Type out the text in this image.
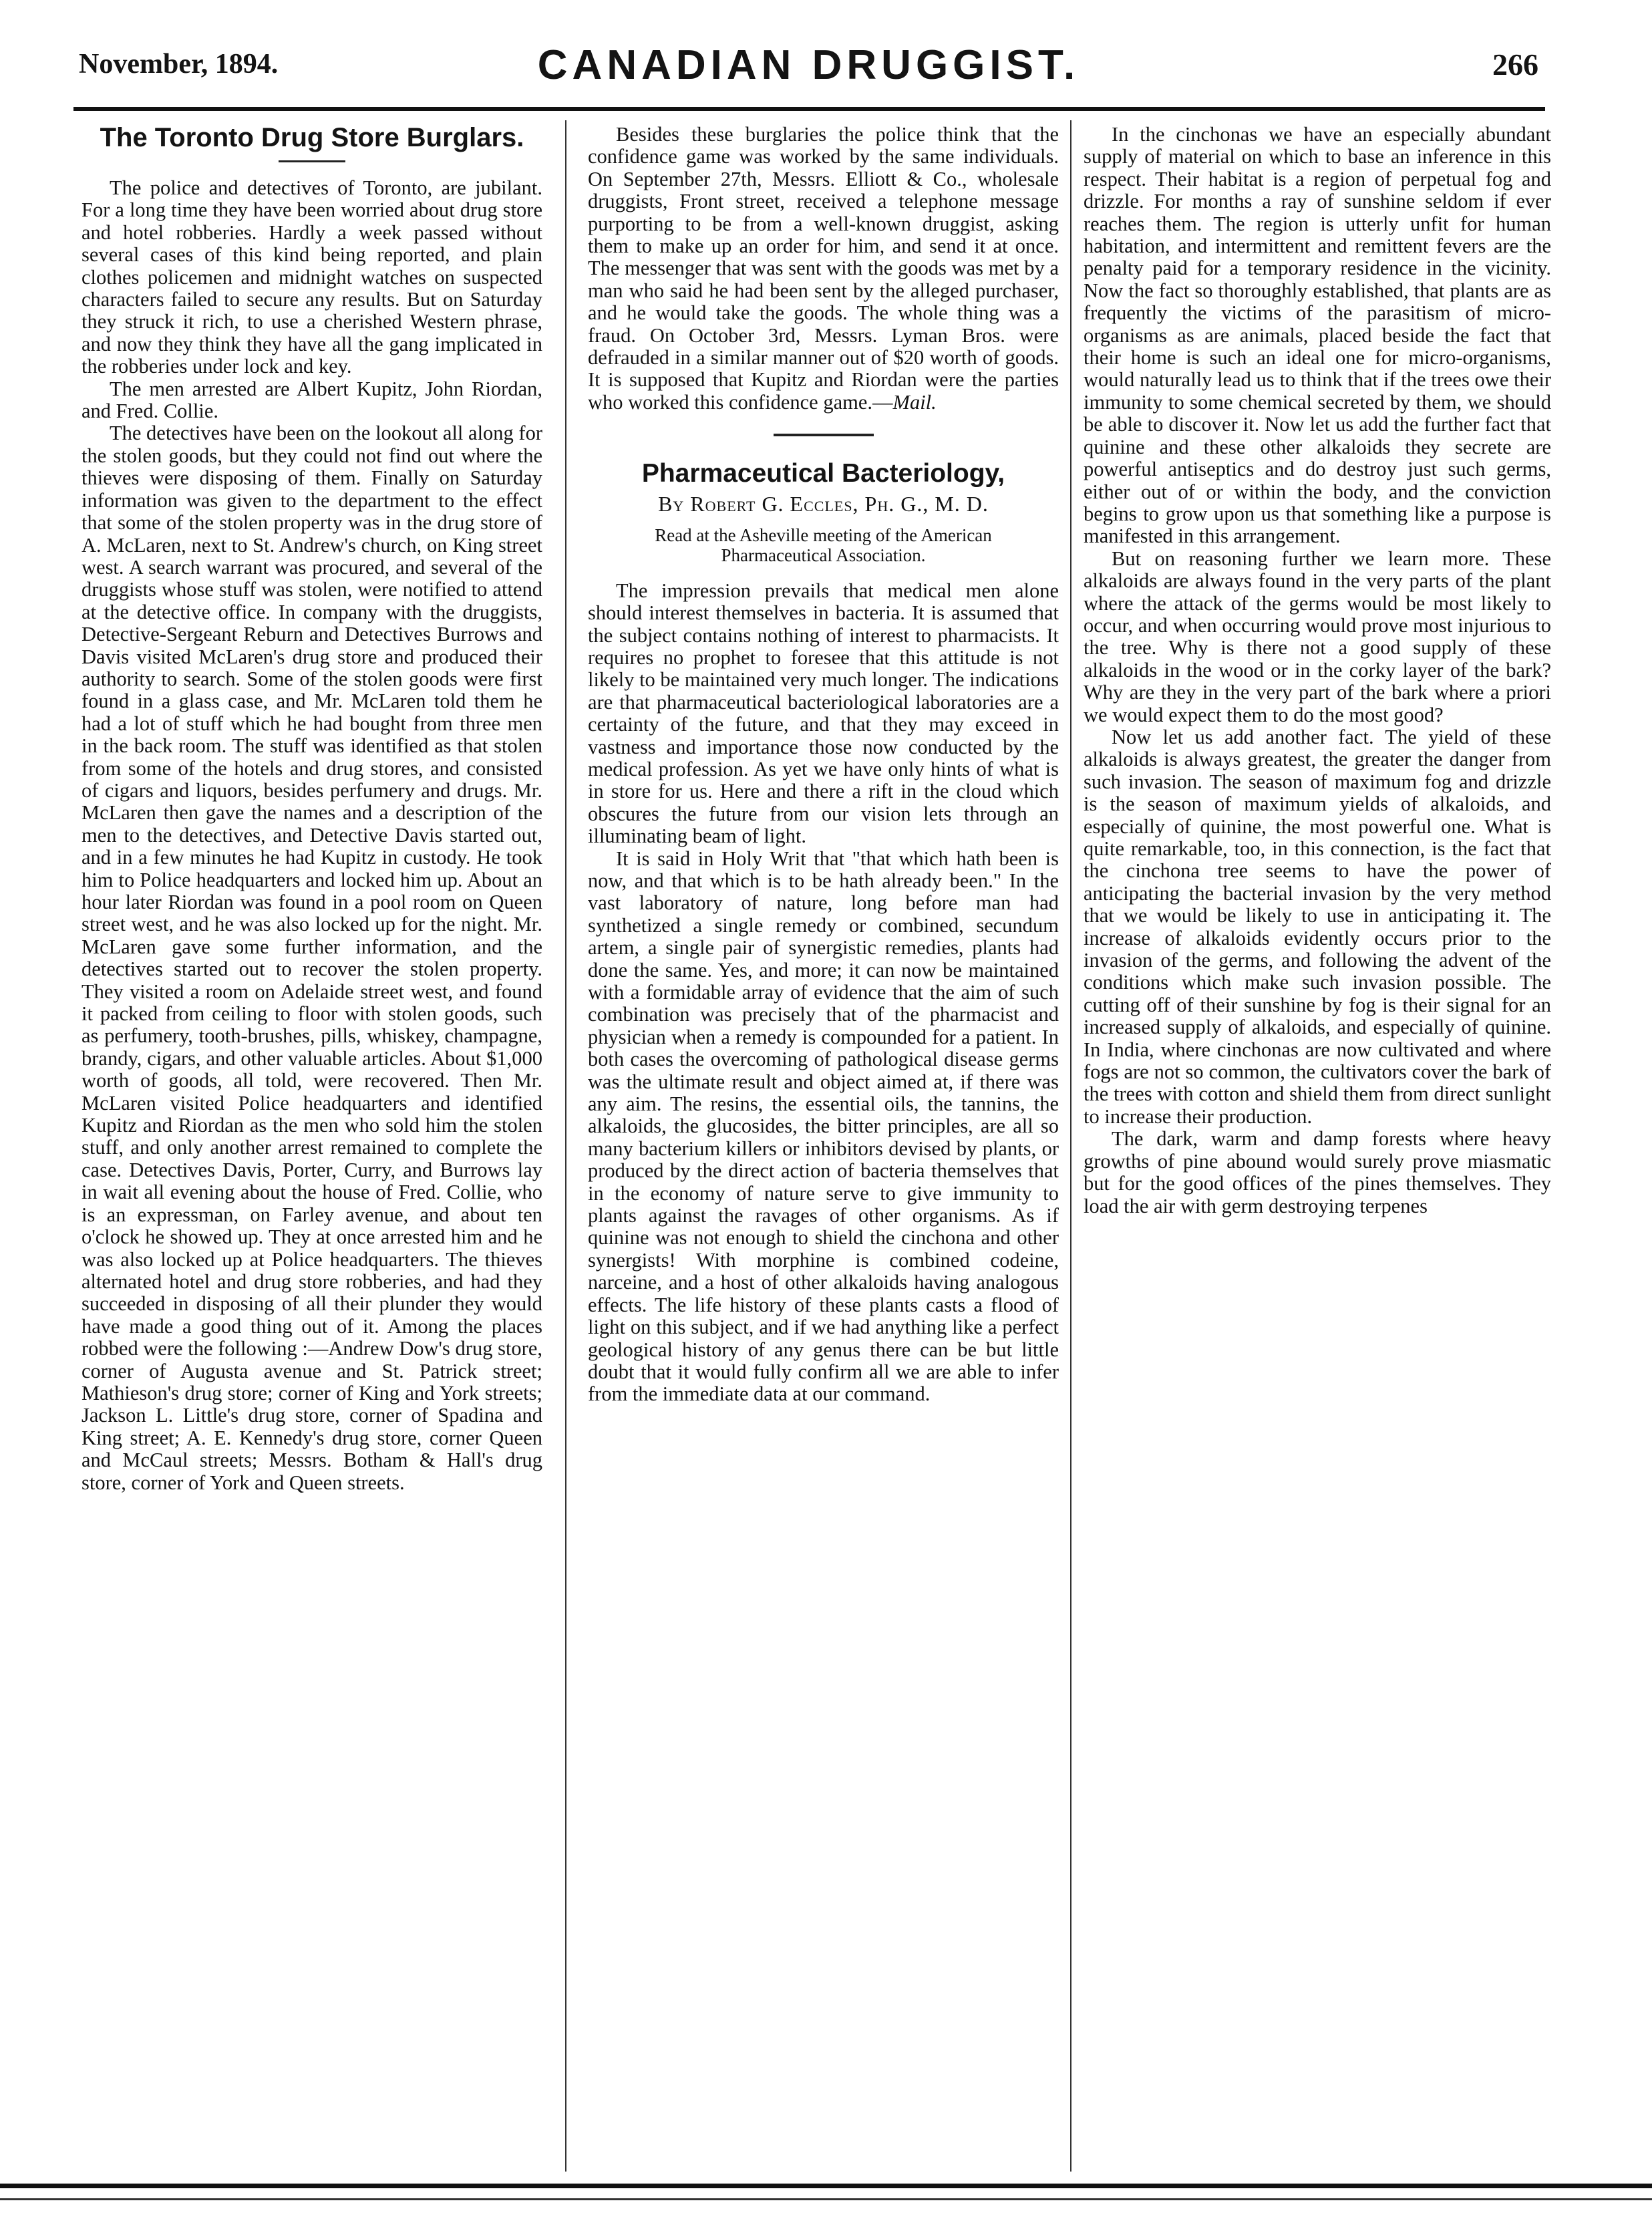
November, 1894.	CANADIAN DRUGGIST.	266
The Toronto Drug Store Burglars.

The police and detectives of Toronto, are jubilant. For a long time they have been worried about drug store and hotel robberies. Hardly a week passed without several cases of this kind being reported, and plain clothes policemen and midnight watches on suspected characters failed to secure any results. But on Saturday they struck it rich, to use a cherished Western phrase, and now they think they have all the gang implicated in the robberies under lock and key.

The men arrested are Albert Kupitz, John Riordan, and Fred. Collie.

The detectives have been on the lookout all along for the stolen goods, but they could not find out where the thieves were disposing of them. Finally on Saturday information was given to the department to the effect that some of the stolen property was in the drug store of A. McLaren, next to St. Andrew's church, on King street west. A search warrant was procured, and several of the druggists whose stuff was stolen, were notified to attend at the detective office. In company with the druggists, Detective-Sergeant Reburn and Detectives Burrows and Davis visited McLaren's drug store and produced their authority to search. Some of the stolen goods were first found in a glass case, and Mr. McLaren told them he had a lot of stuff which he had bought from three men in the back room. The stuff was identified as that stolen from some of the hotels and drug stores, and consisted of cigars and liquors, besides perfumery and drugs. Mr. McLaren then gave the names and a description of the men to the detectives, and Detective Davis started out, and in a few minutes he had Kupitz in custody. He took him to Police headquarters and locked him up. About an hour later Riordan was found in a pool room on Queen street west, and he was also locked up for the night. Mr. McLaren gave some further information, and the detectives started out to recover the stolen property. They visited a room on Adelaide street west, and found it packed from ceiling to floor with stolen goods, such as perfumery, tooth-brushes, pills, whiskey, champagne, brandy, cigars, and other valuable articles. About $1,000 worth of goods, all told, were recovered. Then Mr. McLaren visited Police headquarters and identified Kupitz and Riordan as the men who sold him the stolen stuff, and only another arrest remained to complete the case. Detectives Davis, Porter, Curry, and Burrows lay in wait all evening about the house of Fred. Collie, who is an expressman, on Farley avenue, and about ten o'clock he showed up. They at once arrested him and he was also locked up at Police headquarters. The thieves alternated hotel and drug store robberies, and had they succeeded in disposing of all their plunder they would have made a good thing out of it. Among the places robbed were the following :—Andrew Dow's drug store, corner of Augusta avenue and St. Patrick street; Mathieson's drug store; corner of King and York streets; Jackson L. Little's drug store, corner of Spadina and King street; A. E. Kennedy's drug store, corner Queen and McCaul streets; Messrs. Botham & Hall's drug store, corner of York and Queen streets.

Besides these burglaries the police think that the confidence game was worked by the same individuals. On September 27th, Messrs. Elliott & Co., wholesale druggists, Front street, received a telephone message purporting to be from a well-known druggist, asking them to make up an order for him, and send it at once. The messenger that was sent with the goods was met by a man who said he had been sent by the alleged purchaser, and he would take the goods. The whole thing was a fraud. On October 3rd, Messrs. Lyman Bros. were defrauded in a similar manner out of $20 worth of goods. It is supposed that Kupitz and Riordan were the parties who worked this confidence game.—Mail.

Pharmaceutical Bacteriology,
By Robert G. Eccles, Ph. G., M. D.
Read at the Asheville meeting of the American Pharmaceutical Association.

The impression prevails that medical men alone should interest themselves in bacteria. It is assumed that the subject contains nothing of interest to pharmacists. It requires no prophet to foresee that this attitude is not likely to be maintained very much longer. The indications are that pharmaceutical bacteriological laboratories are a certainty of the future, and that they may exceed in vastness and importance those now conducted by the medical profession. As yet we have only hints of what is in store for us. Here and there a rift in the cloud which obscures the future from our vision lets through an illuminating beam of light.

It is said in Holy Writ that "that which hath been is now, and that which is to be hath already been." In the vast laboratory of nature, long before man had synthetized a single remedy or combined, secundum artem, a single pair of synergistic remedies, plants had done the same. Yes, and more; it can now be maintained with a formidable array of evidence that the aim of such combination was precisely that of the pharmacist and physician when a remedy is compounded for a patient. In both cases the overcoming of pathological disease germs was the ultimate result and object aimed at, if there was any aim. The resins, the essential oils, the tannins, the alkaloids, the glucosides, the bitter principles, are all so many bacterium killers or inhibitors devised by plants, or produced by the direct action of bacteria themselves that in the economy of nature serve to give immunity to plants against the ravages of other organisms. As if quinine was not enough to shield the cinchona and other synergists! With morphine is combined codeine, narceine, and a host of other alkaloids having analogous effects. The life history of these plants casts a flood of light on this subject, and if we had anything like a perfect geological history of any genus there can be but little doubt that it would fully confirm all we are able to infer from the immediate data at our command.

In the cinchonas we have an especially abundant supply of material on which to base an inference in this respect. Their habitat is a region of perpetual fog and drizzle. For months a ray of sunshine seldom if ever reaches them. The region is utterly unfit for human habitation, and intermittent and remittent fevers are the penalty paid for a temporary residence in the vicinity. Now the fact so thoroughly established, that plants are as frequently the victims of the parasitism of micro-organisms as are animals, placed beside the fact that their home is such an ideal one for micro-organisms, would naturally lead us to think that if the trees owe their immunity to some chemical secreted by them, we should be able to discover it. Now let us add the further fact that quinine and these other alkaloids they secrete are powerful antiseptics and do destroy just such germs, either out of or within the body, and the conviction begins to grow upon us that something like a purpose is manifested in this arrangement.

But on reasoning further we learn more. These alkaloids are always found in the very parts of the plant where the attack of the germs would be most likely to occur, and when occurring would prove most injurious to the tree. Why is there not a good supply of these alkaloids in the wood or in the corky layer of the bark? Why are they in the very part of the bark where a priori we would expect them to do the most good?

Now let us add another fact. The yield of these alkaloids is always greatest, the greater the danger from such invasion. The season of maximum fog and drizzle is the season of maximum yields of alkaloids, and especially of quinine, the most powerful one. What is quite remarkable, too, in this connection, is the fact that the cinchona tree seems to have the power of anticipating the bacterial invasion by the very method that we would be likely to use in anticipating it. The increase of alkaloids evidently occurs prior to the invasion of the germs, and following the advent of the conditions which make such invasion possible. The cutting off of their sunshine by fog is their signal for an increased supply of alkaloids, and especially of quinine. In India, where cinchonas are now cultivated and where fogs are not so common, the cultivators cover the bark of the trees with cotton and shield them from direct sunlight to increase their production.

The dark, warm and damp forests where heavy growths of pine abound would surely prove miasmatic but for the good offices of the pines themselves. They load the air with germ destroying terpenes
